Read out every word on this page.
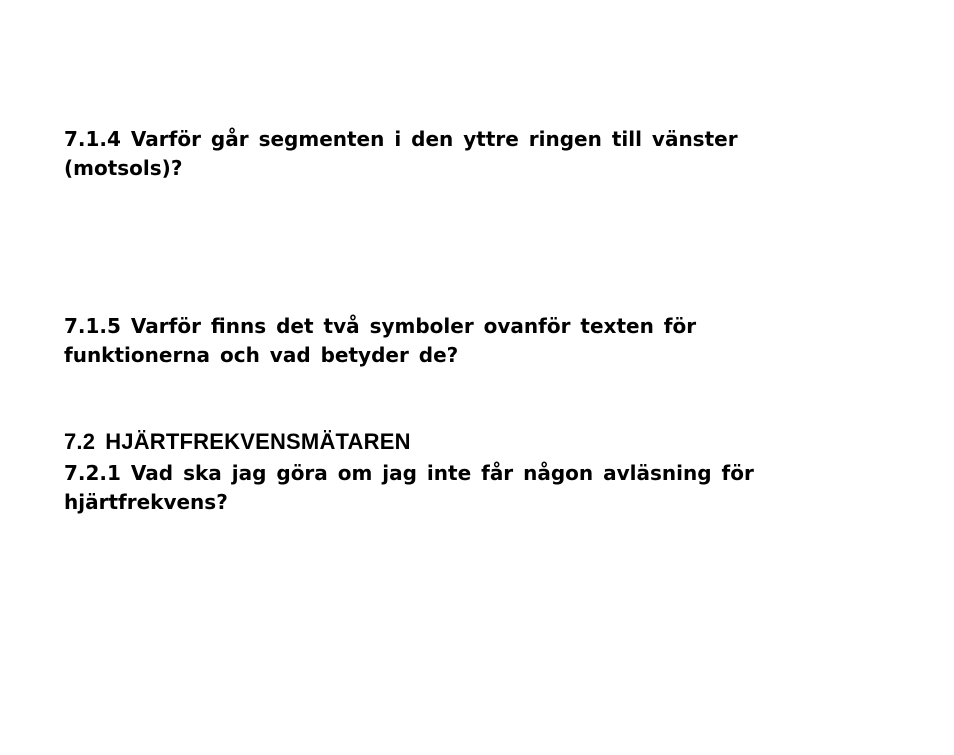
7.1.4 Varför går segmenten i den yttre ringen till vänster

(motsols)?

7.1.5 Varför finns det två symboler ovanför texten för

funktionerna och vad betyder de?

7.2 HJÄRTFREKVENSMÄTAREN

7.2.1 Vad ska jag göra om jag inte får någon avläsning för

hjärtfrekvens?
